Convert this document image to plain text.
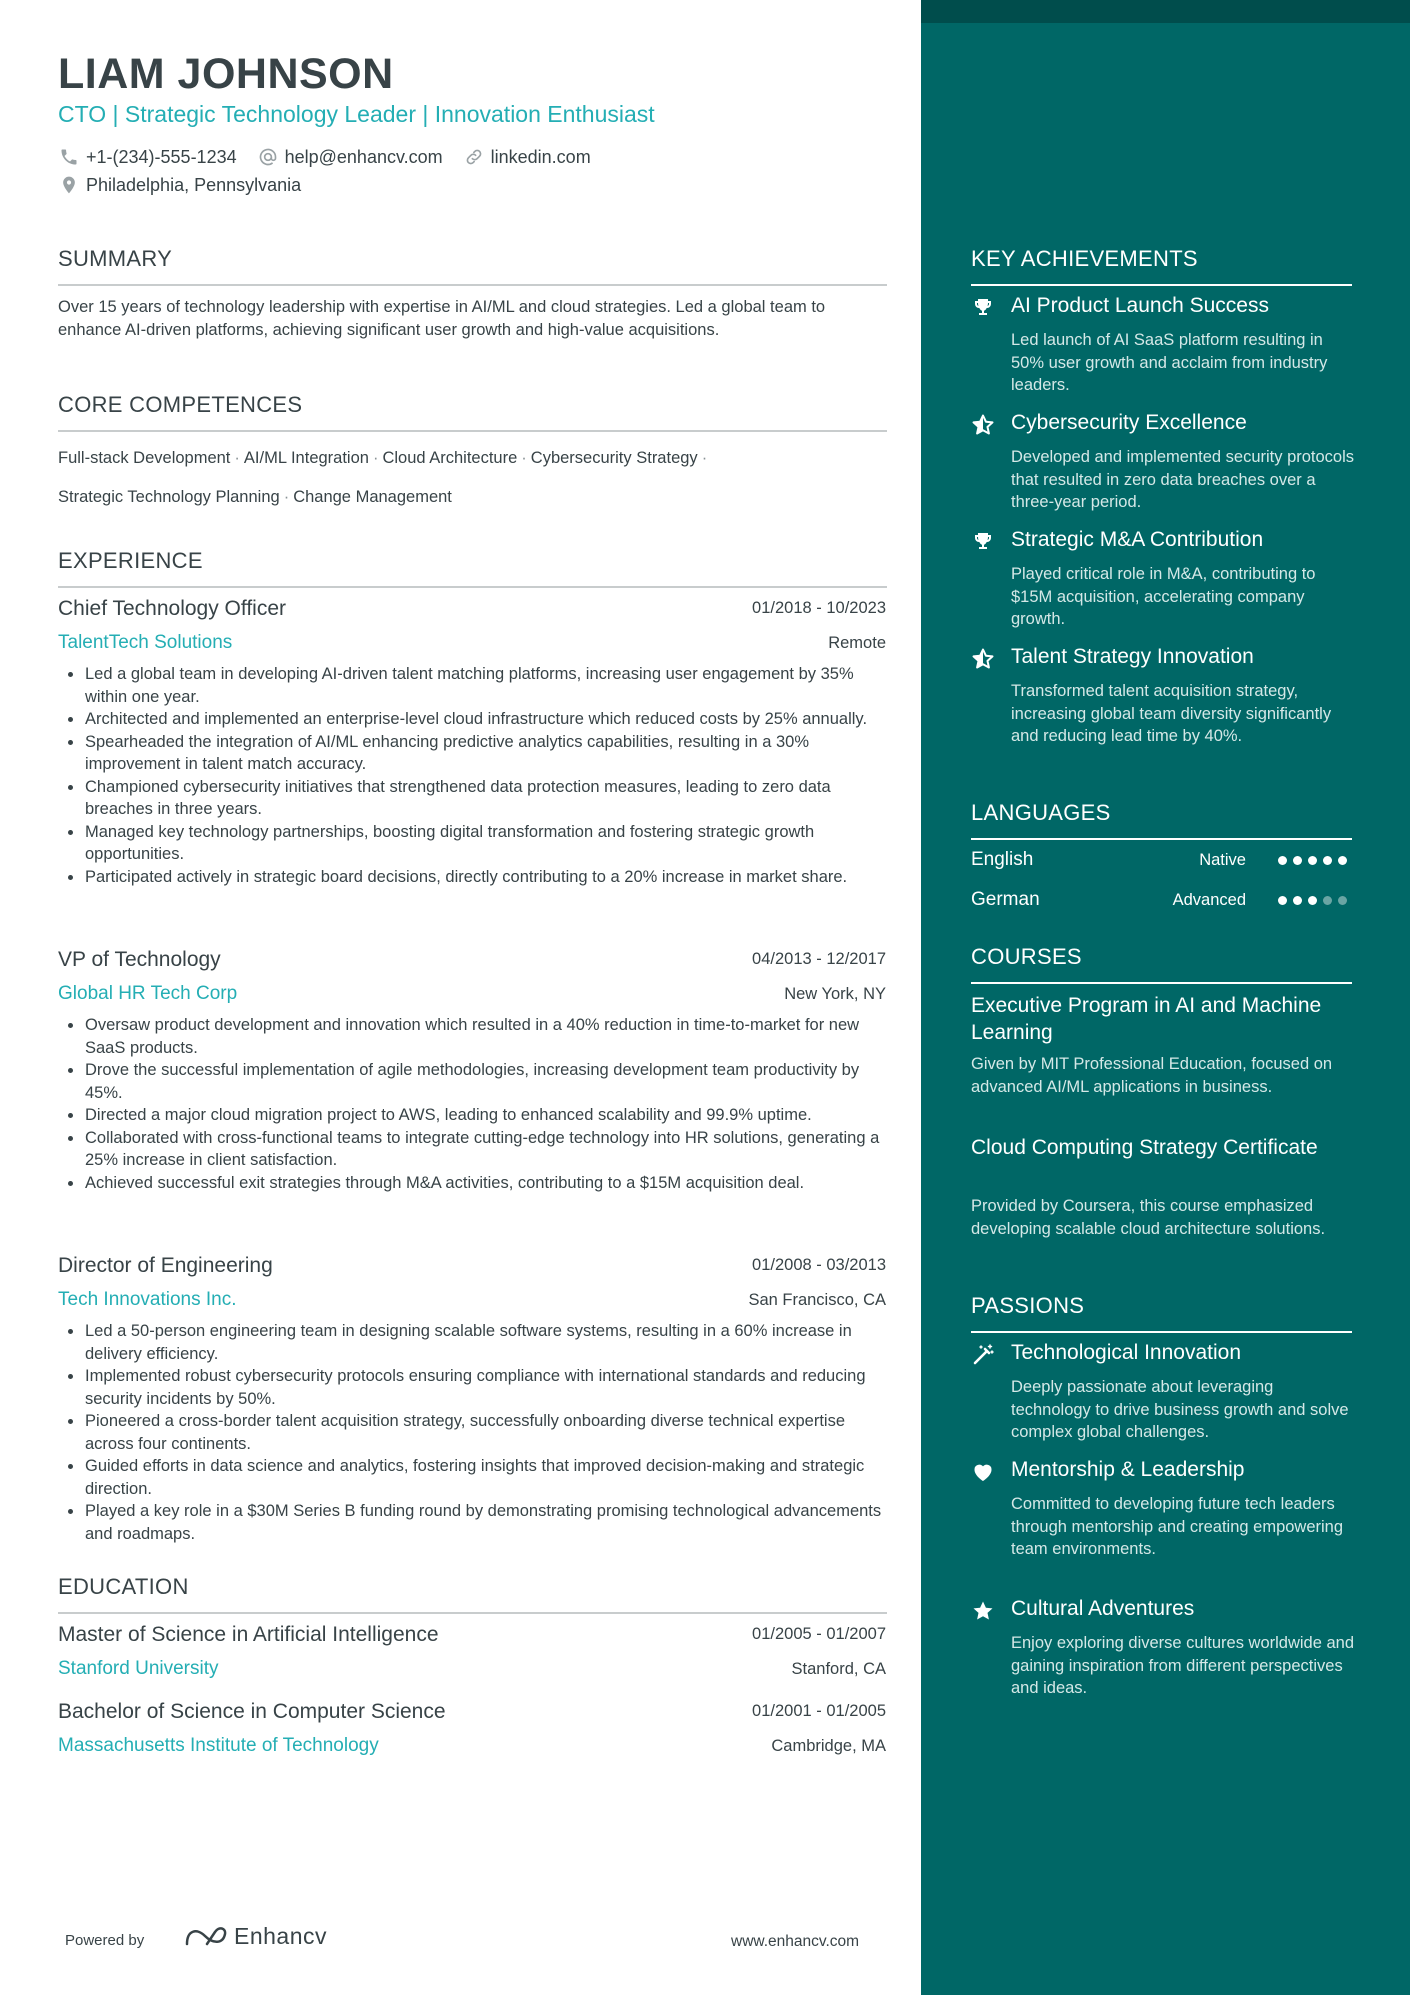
LIAM JOHNSON
CTO | Strategic Technology Leader | Innovation Enthusiast
+1-(234)-555-1234	help@enhancv.com	linkedin.com
Philadelphia, Pennsylvania
SUMMARY
Over 15 years of technology leadership with expertise in AI/ML and cloud strategies. Led a global team to enhance AI-driven platforms, achieving significant user growth and high-value acquisitions.
CORE COMPETENCES
Full-stack Development · AI/ML Integration · Cloud Architecture · Cybersecurity Strategy ·
Strategic Technology Planning · Change Management
EXPERIENCE
Chief Technology Officer	01/2018 - 10/2023
TalentTech Solutions	Remote
Led a global team in developing AI-driven talent matching platforms, increasing user engagement by 35% within one year.
Architected and implemented an enterprise-level cloud infrastructure which reduced costs by 25% annually.
Spearheaded the integration of AI/ML enhancing predictive analytics capabilities, resulting in a 30% improvement in talent match accuracy.
Championed cybersecurity initiatives that strengthened data protection measures, leading to zero data breaches in three years.
Managed key technology partnerships, boosting digital transformation and fostering strategic growth opportunities.
Participated actively in strategic board decisions, directly contributing to a 20% increase in market share.
VP of Technology	04/2013 - 12/2017
Global HR Tech Corp	New York, NY
Oversaw product development and innovation which resulted in a 40% reduction in time-to-market for new SaaS products.
Drove the successful implementation of agile methodologies, increasing development team productivity by 45%.
Directed a major cloud migration project to AWS, leading to enhanced scalability and 99.9% uptime.
Collaborated with cross-functional teams to integrate cutting-edge technology into HR solutions, generating a 25% increase in client satisfaction.
Achieved successful exit strategies through M&A activities, contributing to a $15M acquisition deal.
Director of Engineering	01/2008 - 03/2013
Tech Innovations Inc.	San Francisco, CA
Led a 50-person engineering team in designing scalable software systems, resulting in a 60% increase in delivery efficiency.
Implemented robust cybersecurity protocols ensuring compliance with international standards and reducing security incidents by 50%.
Pioneered a cross-border talent acquisition strategy, successfully onboarding diverse technical expertise across four continents.
Guided efforts in data science and analytics, fostering insights that improved decision-making and strategic direction.
Played a key role in a $30M Series B funding round by demonstrating promising technological advancements and roadmaps.
EDUCATION
Master of Science in Artificial Intelligence	01/2005 - 01/2007
Stanford University	Stanford, CA
Bachelor of Science in Computer Science	01/2001 - 01/2005
Massachusetts Institute of Technology	Cambridge, MA
Powered by	Enhancv	www.enhancv.com
KEY ACHIEVEMENTS
AI Product Launch Success
Led launch of AI SaaS platform resulting in 50% user growth and acclaim from industry leaders.
Cybersecurity Excellence
Developed and implemented security protocols that resulted in zero data breaches over a three-year period.
Strategic M&A Contribution
Played critical role in M&A, contributing to $15M acquisition, accelerating company growth.
Talent Strategy Innovation
Transformed talent acquisition strategy, increasing global team diversity significantly and reducing lead time by 40%.
LANGUAGES
English	Native
German	Advanced
COURSES
Executive Program in AI and Machine Learning
Given by MIT Professional Education, focused on advanced AI/ML applications in business.
Cloud Computing Strategy Certificate
Provided by Coursera, this course emphasized developing scalable cloud architecture solutions.
PASSIONS
Technological Innovation
Deeply passionate about leveraging technology to drive business growth and solve complex global challenges.
Mentorship & Leadership
Committed to developing future tech leaders through mentorship and creating empowering team environments.
Cultural Adventures
Enjoy exploring diverse cultures worldwide and gaining inspiration from different perspectives and ideas.
